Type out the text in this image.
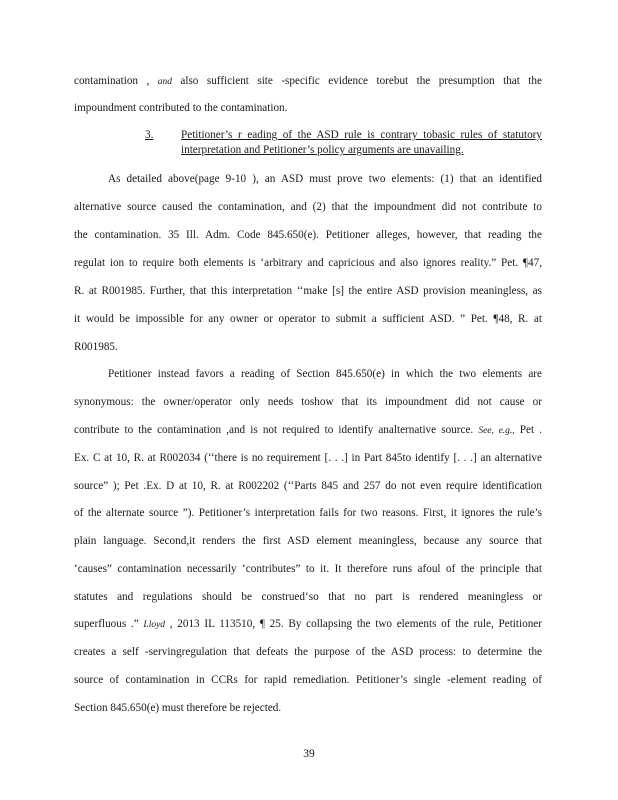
contamination , and also sufficient site -specific evidence torebut the presumption that the
impoundment contributed to the contamination.
3. Petitioner’s r eading of the ASD rule is contrary tobasic rules of statutory
interpretation and Petitioner’s policy arguments are unavailing.
As detailed above(page 9-10 ), an ASD must prove two elements: (1) that an identified
alternative source caused the contamination, and (2) that the impoundment did not contribute to
the contamination. 35 Ill. Adm. Code 845.650(e). Petitioner alleges, however, that reading the
regulat ion to require both elements is ‘arbitrary and capricious and also ignores reality.” Pet. ¶47,
R. at R001985. Further, that this interpretation ‘‘make [s] the entire ASD provision meaningless, as
it would be impossible for any owner or operator to submit a sufficient ASD. ” Pet. ¶48, R. at
R001985.
Petitioner instead favors a reading of Section 845.650(e) in which the two elements are
synonymous: the owner/operator only needs toshow that its impoundment did not cause or
contribute to the contamination ,and is not required to identify analternative source. See, e.g., Pet .
Ex. C at 10, R. at R002034 (‘‘there is no requirement [. . .] in Part 845to identify [. . .] an alternative
source” ); Pet .Ex. D at 10, R. at R002202 (‘‘Parts 845 and 257 do not even require identification
of the alternate source ”). Petitioner’s interpretation fails for two reasons. First, it ignores the rule’s
plain language. Second,it renders the first ASD element meaningless, because any source that
‘causes” contamination necessarily ‘contributes” to it. It therefore runs afoul of the principle that
statutes and regulations should be construed‘so that no part is rendered meaningless or
superfluous .” Lloyd , 2013 IL 113510, ¶ 25. By collapsing the two elements of the rule, Petitioner
creates a self -servingregulation that defeats the purpose of the ASD process: to determine the
source of contamination in CCRs for rapid remediation. Petitioner’s single -element reading of
Section 845.650(e) must therefore be rejected.
39
